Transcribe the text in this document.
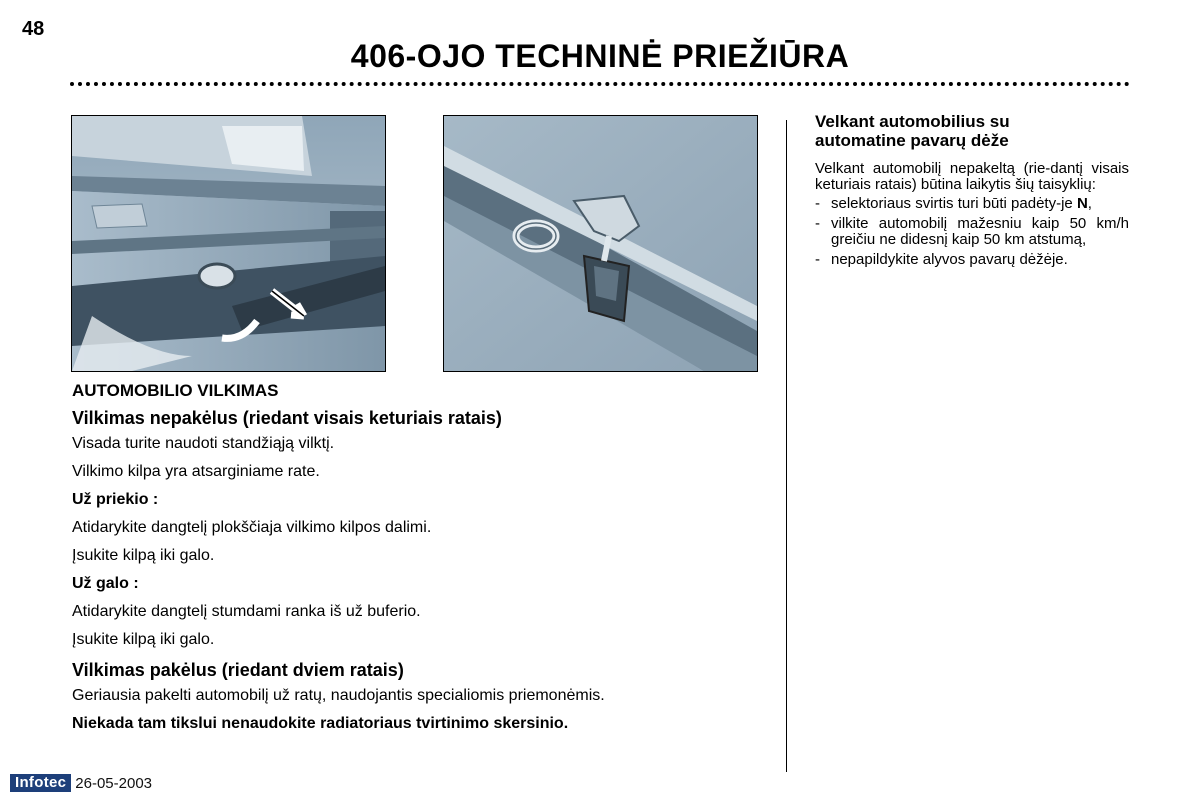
48
406-OJO TECHNINĖ PRIEŽIŪRA
AUTOMOBILIO VILKIMAS
Vilkimas nepakėlus (riedant visais keturiais ratais)

Visada turite naudoti standžiąją vilktį.

Vilkimo kilpa yra atsarginiame rate.

Už priekio :

Atidarykite dangtelį plokščiaja vilkimo kilpos dalimi.

Įsukite kilpą iki galo.

Už galo :

Atidarykite dangtelį stumdami ranka iš už buferio.

Įsukite kilpą iki galo.

Vilkimas pakėlus (riedant dviem ratais)

Geriausia pakelti automobilį už ratų, naudojantis specialiomis priemonėmis.

Niekada tam tikslui nenaudokite radiatoriaus tvirtinimo skersinio.

Velkant automobilius su
automatine pavarų dėže

Velkant automobilį nepakeltą (rie-dantį visais keturiais ratais) būtina laikytis šių taisyklių:

- selektoriaus svirtis turi būti padėty-je N,
- vilkite automobilį mažesniu kaip 50 km/h greičiu ne didesnį kaip 50 km atstumą,
- nepapildykite alyvos pavarų dėžėje.
Infotec 26-05-2003
